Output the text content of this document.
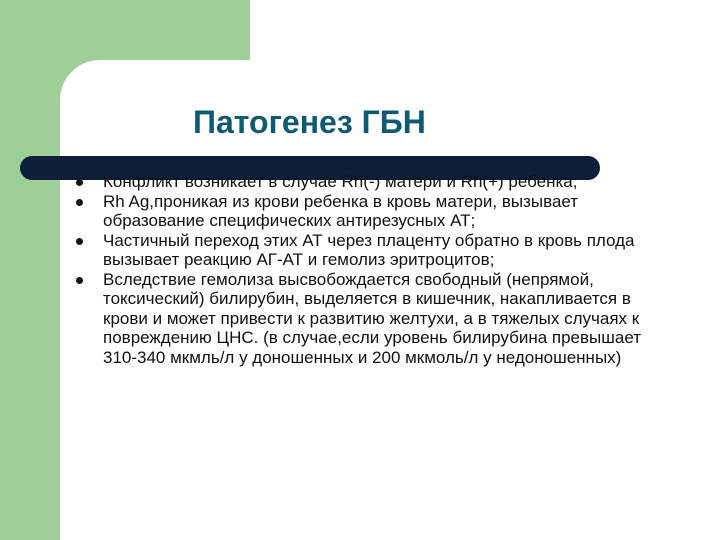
Патогенез ГБН
Конфликт возникает в случае Rh(-) матери и Rh(+) ребенка;
Rh Ag,проникая из крови ребенка в кровь матери, вызывает образование специфических антирезусных АТ;
Частичный переход этих АТ через плаценту обратно в кровь плода вызывает реакцию АГ-АТ и гемолиз эритроцитов;
Вследствие гемолиза высвобождается свободный (непрямой, токсический) билирубин, выделяется в кишечник, накапливается в крови и может привести к развитию желтухи, а в тяжелых случаях к повреждению ЦНС. (в случае,если уровень билирубина превышает 310-340 мкмль/л у доношенных и 200 мкмоль/л у недоношенных)
